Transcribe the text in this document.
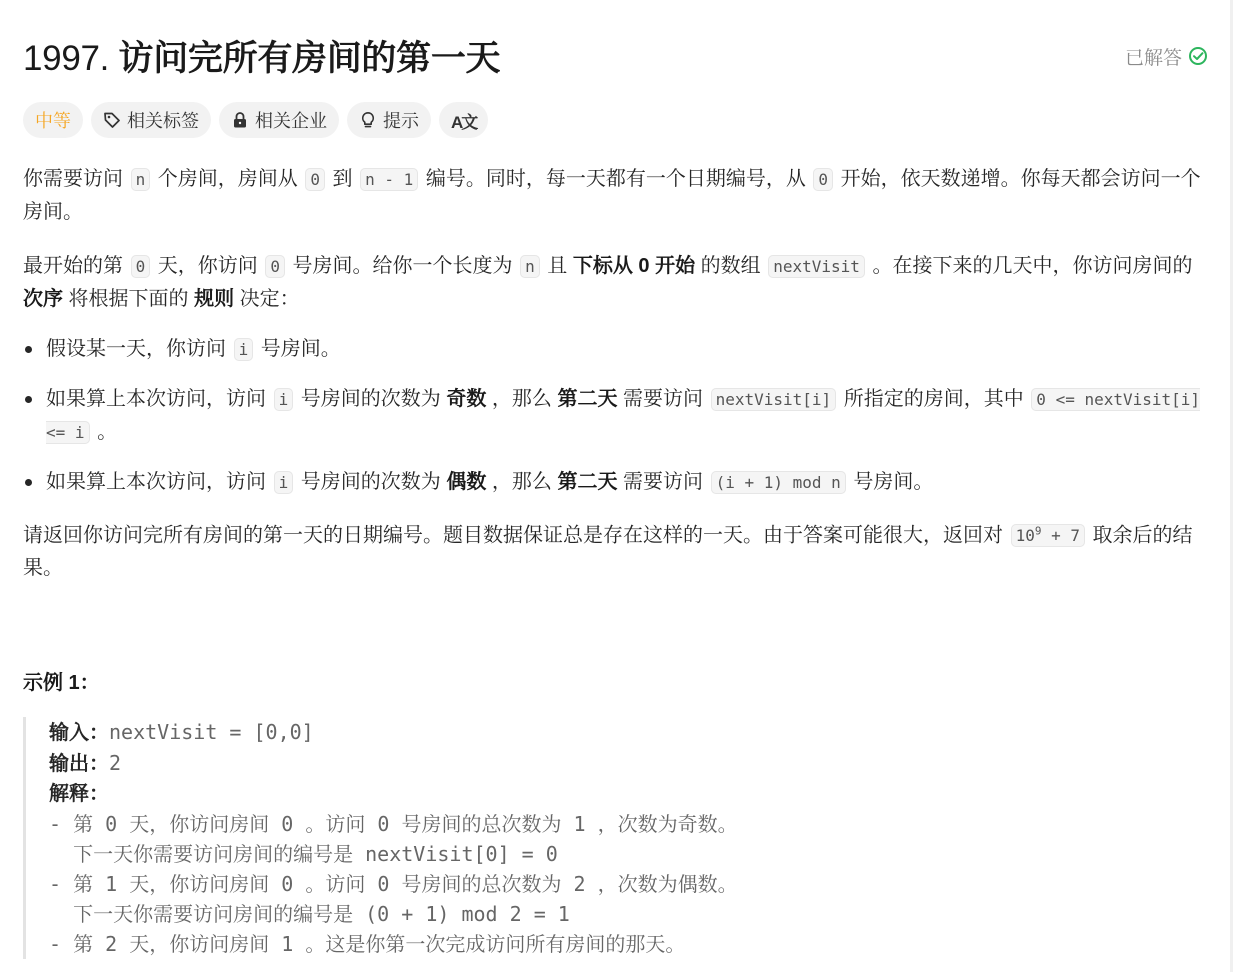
1997. 访问完所有房间的第一天	已解答
中等	相关标签	相关企业	提示 A文
你需要访问 n 个房间，房间从 0 到 n - 1 编号。同时，每一天都有一个日期编号，从 0 开始，依天数递增。你每天都会访问一个房间。
最开始的第 0 天，你访问 0 号房间。给你一个长度为 n 且 下标从 0 开始 的数组 nextVisit 。在接下来的几天中，你访问房间的 次序 将根据下面的 规则 决定：
假设某一天，你访问 i 号房间。
如果算上本次访问，访问 i 号房间的次数为 奇数 ，那么 第二天 需要访问 nextVisit[i] 所指定的房间，其中 0 <= nextVisit[i] <= i 。
如果算上本次访问，访问 i 号房间的次数为 偶数 ，那么 第二天 需要访问 (i + 1) mod n 号房间。
请返回你访问完所有房间的第一天的日期编号。题目数据保证总是存在这样的一天。由于答案可能很大，返回对 $10^9 + 7$ 取余后的结果。
示例 1：
输入：nextVisit = [0,0]
输出：2
解释：
- 第 0 天，你访问房间 0 。访问 0 号房间的总次数为 1 ，次数为奇数。
下一天你需要访问房间的编号是 nextVisit[0] = 0
- 第 1 天，你访问房间 0 。访问 0 号房间的总次数为 2 ，次数为偶数。
下一天你需要访问房间的编号是 (0 + 1) mod 2 = 1
- 第 2 天，你访问房间 1 。这是你第一次完成访问所有房间的那天。
